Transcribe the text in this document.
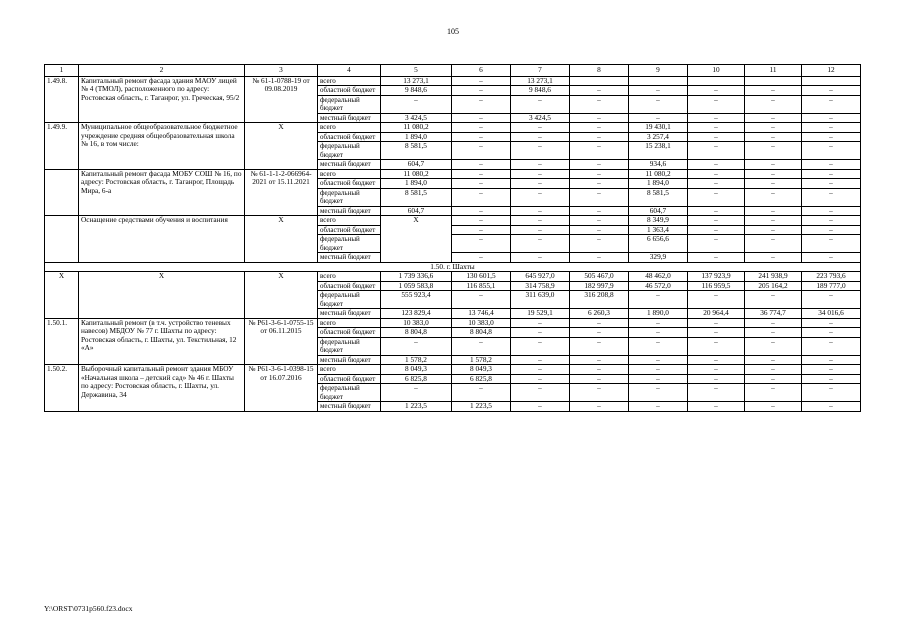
105
1	2	3	4	5	6	7	8	9	10	11	12
1.49.8.	Капитальный ремонт фасада здания МАОУ лицей № 4 (ТМОЛ), расположенного по адресу: Ростовская область, г. Таганрог, ул. Греческая, 95/2	№ 61-1-0788-19 от 09.08.2019	всего	13 273,1	–	13 273,1					
			областной бюджет	9 848,6	–	9 848,6	–	–	–	–	–
			федеральный бюджет	–	–	–	–	–	–	–	–
			местный бюджет	3 424,5	–	3 424,5	–	–	–	–	–
1.49.9.	Муниципальное общеобразовательное бюджетное учреждение средняя общеобразовательная школа № 16, в том числе:	Х	всего	11 080,2	–	–	–	19 430,1	–	–	–
			областной бюджет	1 894,0	–	–	–	3 257,4	–	–	–
			федеральный бюджет	8 581,5	–	–	–	15 238,1	–	–	–
			местный бюджет	604,7	–	–	–	934,6	–	–	–
	Капитальный ремонт фасада МОБУ СОШ № 16, по адресу: Ростовская область, г. Таганрог, Площадь Мира, 6-а	№ 61-1-1-2-066964-2021 от 15.11.2021	всего	11 080,2	–	–	–	11 080,2	–	–	–
			областной бюджет	1 894,0	–	–	–	1 894,0	–	–	–
			федеральный бюджет	8 581,5	–	–	–	8 581,5	–	–	–
			местный бюджет	604,7	–	–	–	604,7	–	–	–
	Оснащение средствами обучения и воспитания	Х	всего	Х	–	–	–	8 349,9	–	–	–
			областной бюджет		–	–	–	1 363,4	–	–	–
			федеральный бюджет		–	–	–	6 656,6	–	–	–
			местный бюджет		–	–	–	329,9	–	–	–
1.50. г. Шахты											
Х	Х	Х	всего	1 739 336,6	130 601,5	645 927,0	505 467,0	48 462,0	137 923,9	241 938,9	223 793,6
			областной бюджет	1 059 583,8	116 855,1	314 758,9	182 997,9	46 572,0	116 959,5	205 164,2	189 777,0
			федеральный бюджет	555 923,4	–	311 639,0	316 208,8	–	–	–	–
			местный бюджет	123 829,4	13 746,4	19 529,1	6 260,3	1 890,0	20 964,4	36 774,7	34 016,6
1.50.1.	Капитальный ремонт (в т.ч. устройство теневых навесов) МБДОУ № 77 г. Шахты по адресу: Ростовская область, г. Шахты, ул. Текстильная, 12 «А»	№ Р61-3-6-1-0755-15 от 06.11.2015	всего	10 383,0	10 383,0	–	–	–	–	–	–
			областной бюджет	8 804,8	8 804,8	–	–	–	–	–	–
			федеральный бюджет	–	–	–	–	–	–	–	–
			местный бюджет	1 578,2	1 578,2	–	–	–	–	–	–
1.50.2.	Выборочный капитальный ремонт здания МБОУ «Начальная школа – детский сад» № 46 г. Шахты по адресу: Ростовская область, г. Шахты, ул. Державина, 34	№ Р61-3-6-1-0398-15 от 16.07.2016	всего	8 049,3	8 049,3	–	–	–	–	–	–
			областной бюджет	6 825,8	6 825,8	–	–	–	–	–	–
			федеральный бюджет	–	–	–	–	–	–	–	–
			местный бюджет	1 223,5	1 223,5	–	–	–	–	–	–
Y:\ORST\0731p560.f23.docx
